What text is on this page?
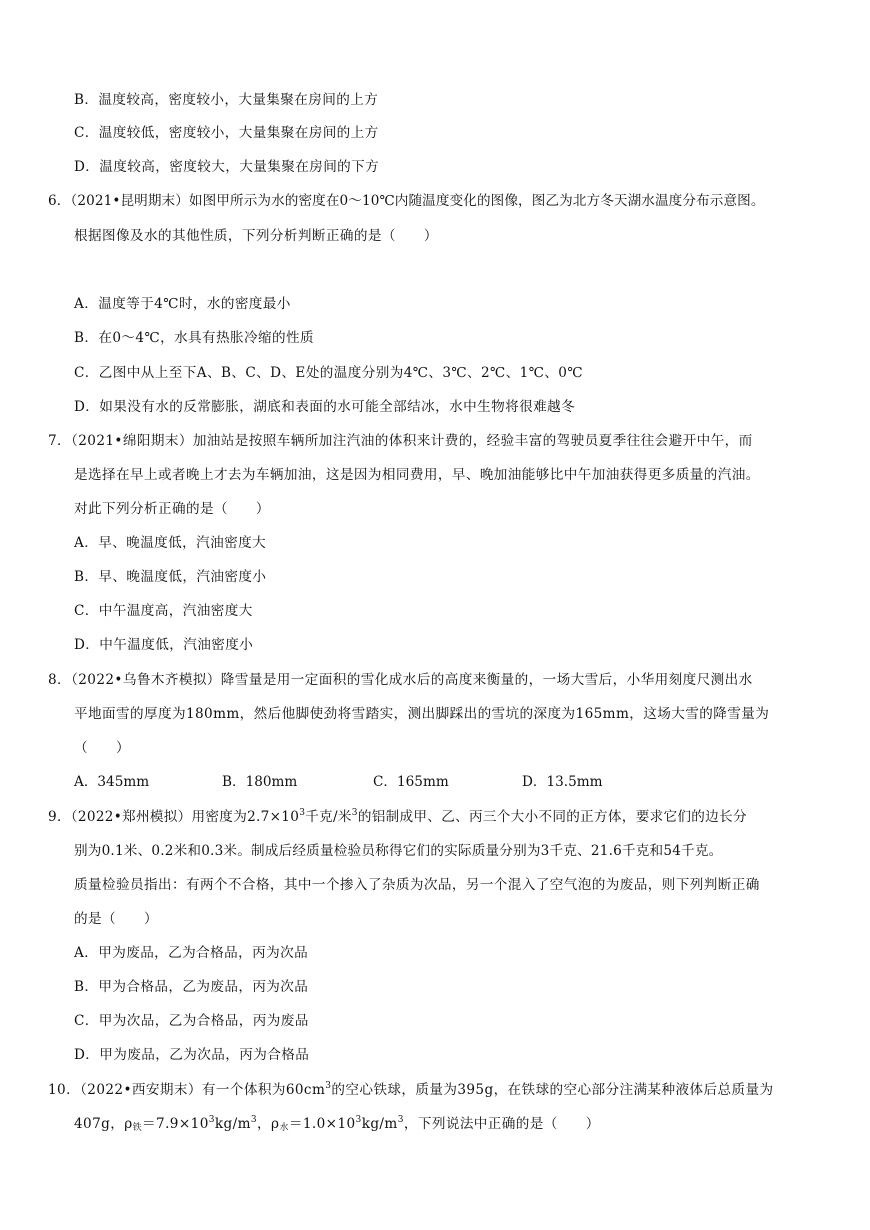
B．温度较高，密度较小，大量集聚在房间的上方
C．温度较低，密度较小，大量集聚在房间的上方
D．温度较高，密度较大，大量集聚在房间的下方
6．（2021•昆明期末）如图甲所示为水的密度在0～10℃内随温度变化的图像，图乙为北方冬天湖水温度分布示意图。
根据图像及水的其他性质，下列分析判断正确的是（　　）
A．温度等于4℃时，水的密度最小
B．在0～4℃，水具有热胀冷缩的性质
C．乙图中从上至下A、B、C、D、E处的温度分别为4℃、3℃、2℃、1℃、0℃
D．如果没有水的反常膨胀，湖底和表面的水可能全部结冰，水中生物将很难越冬
7．（2021•绵阳期末）加油站是按照车辆所加注汽油的体积来计费的，经验丰富的驾驶员夏季往往会避开中午，而
是选择在早上或者晚上才去为车辆加油，这是因为相同费用，早、晚加油能够比中午加油获得更多质量的汽油。
对此下列分析正确的是（　　）
A．早、晚温度低，汽油密度大
B．早、晚温度低，汽油密度小
C．中午温度高，汽油密度大
D．中午温度低，汽油密度小
8．（2022•乌鲁木齐模拟）降雪量是用一定面积的雪化成水后的高度来衡量的，一场大雪后，小华用刻度尺测出水
平地面雪的厚度为180mm，然后他脚使劲将雪踏实，测出脚踩出的雪坑的深度为165mm，这场大雪的降雪量为
（　　）
A．345mm	B．180mm	C．165mm	D．13.5mm
9．（2022•郑州模拟）用密度为$2.7\times 10^3$千克/米$^3$的铝制成甲、乙、丙三个大小不同的正方体，要求它们的边长分
别为0.1米、0.2米和0.3米。制成后经质量检验员称得它们的实际质量分别为3千克、21.6千克和54千克。
质量检验员指出：有两个不合格，其中一个掺入了杂质为次品，另一个混入了空气泡的为废品，则下列判断正确
的是（　　）
A．甲为废品，乙为合格品，丙为次品
B．甲为合格品，乙为废品，丙为次品
C．甲为次品，乙为合格品，丙为废品
D．甲为废品，乙为次品，丙为合格品
10．（2022•西安期末）有一个体积为$60cm^3$的空心铁球，质量为395g，在铁球的空心部分注满某种液体后总质量为
407g，$\rho_铁=7.9\times 10^3kg/m^3$，$\rho_水=1.0\times 10^3kg/m^3$，下列说法中正确的是（　　）
